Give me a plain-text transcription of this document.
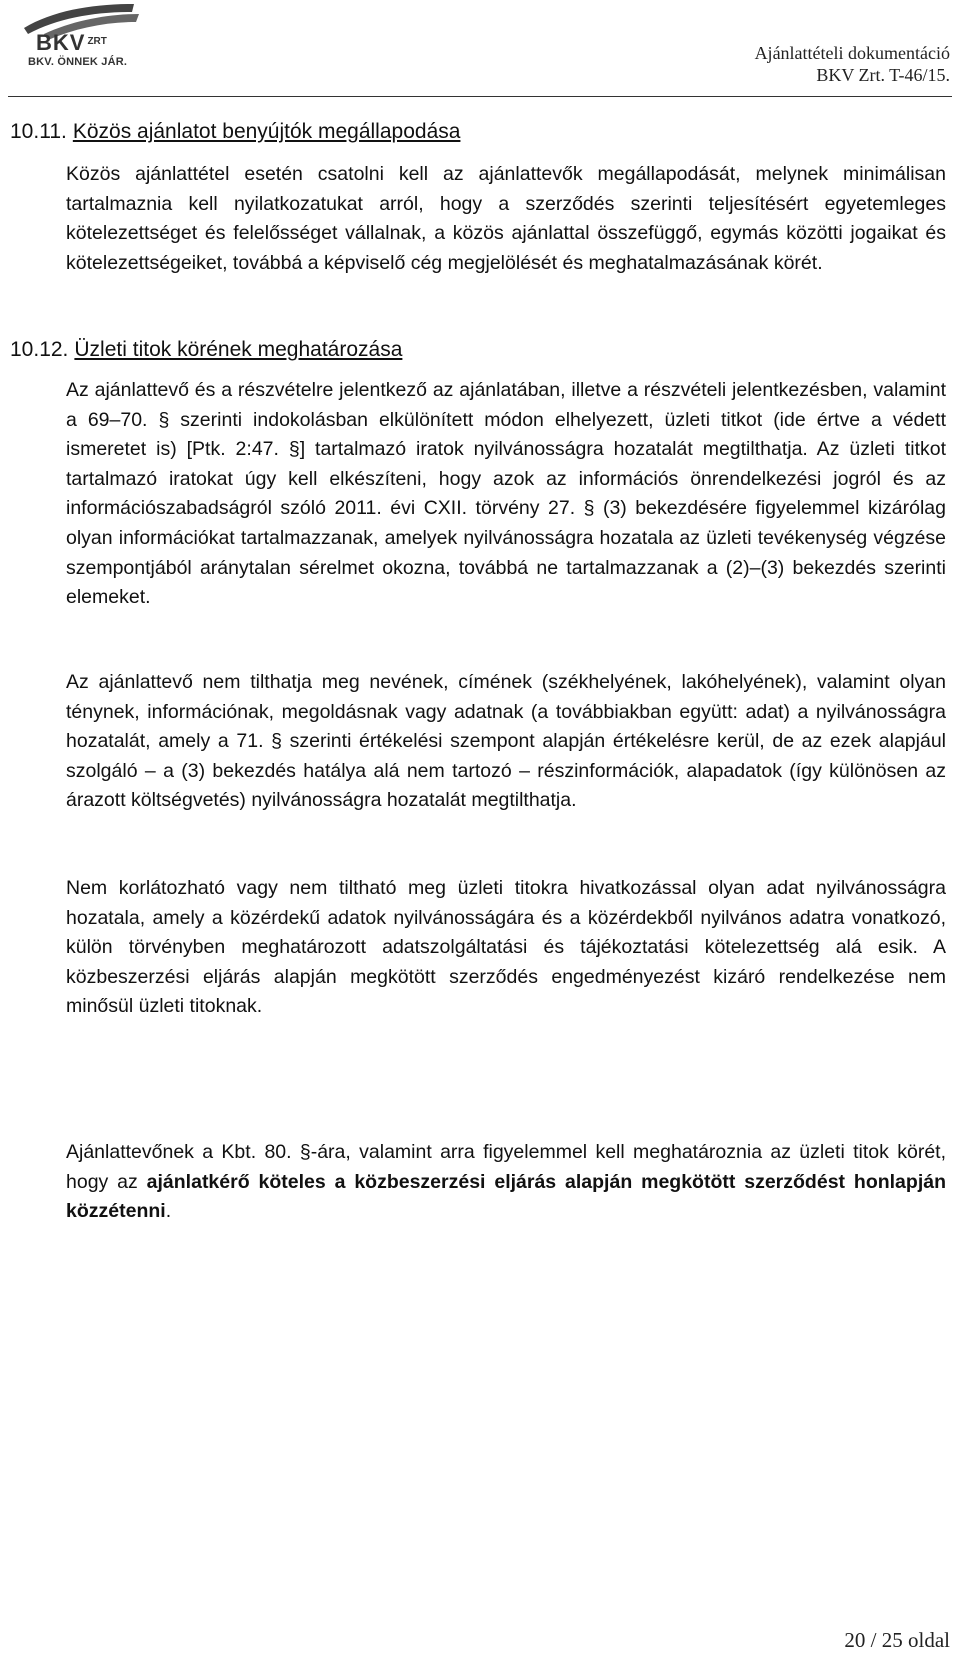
BKV $^{ZRT}$
BKV. ÖNNEK JÁR.	Ajánlattételi dokumentáció
BKV Zrt. T-46/15.
10.11. Közös ajánlatot benyújtók megállapodása

Közös ajánlattétel esetén csatolni kell az ajánlattevők megállapodását, melynek minimálisan tartalmaznia kell nyilatkozatukat arról, hogy a szerződés szerinti teljesítésért egyetemleges kötelezettséget és felelősséget vállalnak, a közös ajánlattal összefüggő, egymás közötti jogaikat és kötelezettségeiket, továbbá a képviselő cég megjelölését és meghatalmazásának körét.

10.12. Üzleti titok körének meghatározása

Az ajánlattevő és a részvételre jelentkező az ajánlatában, illetve a részvételi jelentkezésben, valamint a 69‒70. § szerinti indokolásban elkülönített módon elhelyezett, üzleti titkot (ide értve a védett ismeretet is) [Ptk. 2:47. §] tartalmazó iratok nyilvánosságra hozatalát megtilthatja. Az üzleti titkot tartalmazó iratokat úgy kell elkészíteni, hogy azok az információs önrendelkezési jogról és az információszabadságról szóló 2011. évi CXII. törvény 27. § (3) bekezdésére figyelemmel kizárólag olyan információkat tartalmazzanak, amelyek nyilvánosságra hozatala az üzleti tevékenység végzése szempontjából aránytalan sérelmet okozna, továbbá ne tartalmazzanak a (2)‒(3) bekezdés szerinti elemeket.

Az ajánlattevő nem tilthatja meg nevének, címének (székhelyének, lakóhelyének), valamint olyan ténynek, információnak, megoldásnak vagy adatnak (a továbbiakban együtt: adat) a nyilvánosságra hozatalát, amely a 71. § szerinti értékelési szempont alapján értékelésre kerül, de az ezek alapjául szolgáló ‒ a (3) bekezdés hatálya alá nem tartozó ‒ részinformációk, alapadatok (így különösen az árazott költségvetés) nyilvánosságra hozatalát megtilthatja.

Nem korlátozható vagy nem tiltható meg üzleti titokra hivatkozással olyan adat nyilvánosságra hozatala, amely a közérdekű adatok nyilvánosságára és a közérdekből nyilvános adatra vonatkozó, külön törvényben meghatározott adatszolgáltatási és tájékoztatási kötelezettség alá esik. A közbeszerzési eljárás alapján megkötött szerződés engedményezést kizáró rendelkezése nem minősül üzleti titoknak.

Ajánlattevőnek a Kbt. 80. §-ára, valamint arra figyelemmel kell meghatároznia az üzleti titok körét, hogy az ajánlatkérő köteles a közbeszerzési eljárás alapján megkötött szerződést honlapján közzétenni.

20 / 25 oldal
